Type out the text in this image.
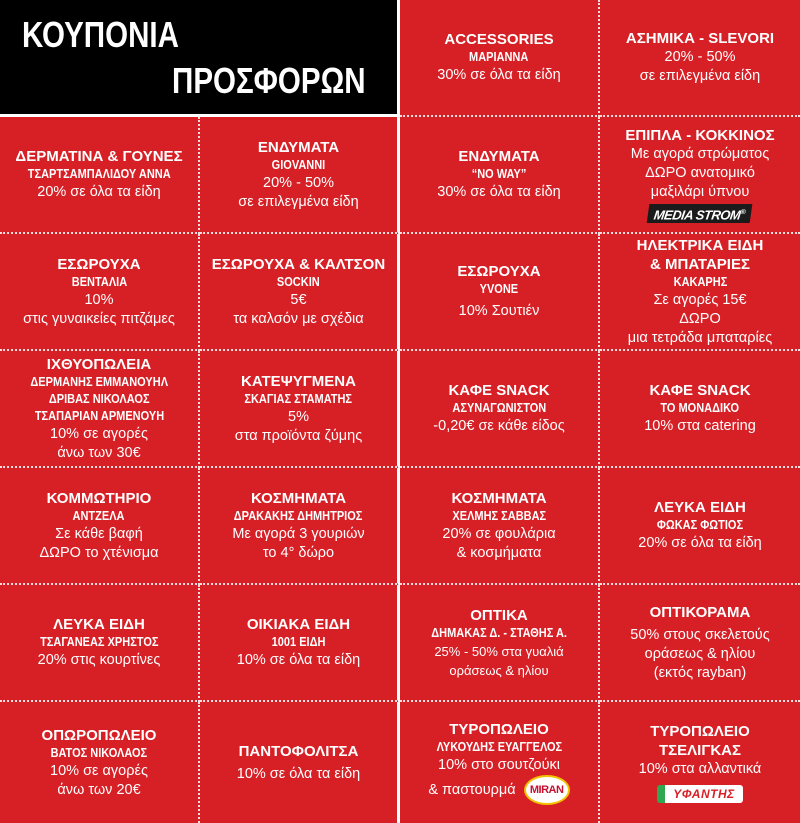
ΚΟΥΠΟΝΙΑ
ΠΡΟΣΦΟΡΩΝ
ACCESSORIES
ΜΑΡΙΑΝΝΑ
30% σε όλα τα είδη
ΑΣΗΜΙΚΑ - SLEVORI
20% - 50%
σε επιλεγμένα είδη
ΔΕΡΜΑΤΙΝΑ & ΓΟΥΝΕΣ
ΤΣΑΡΤΣΑΜΠΑΛΙΔΟΥ ΑΝΝΑ
20% σε όλα τα είδη
ΕΝΔΥΜΑΤΑ
GIOVANNI
20% - 50%
σε επιλεγμένα είδη
ΕΝΔΥΜΑΤΑ
“NO WAY”
30% σε όλα τα είδη
ΕΠΙΠΛΑ - ΚΟΚΚΙΝΟΣ
Με αγορά στρώματος
ΔΩΡΟ ανατομικό
μαξιλάρι ύπνου
MEDIA STROM®
ΕΣΩΡΟΥΧΑ
ΒΕΝΤΑΛΙΑ
10%
στις γυναικείες πιτζάμες
ΕΣΩΡΟΥΧΑ & ΚΑΛΤΣΟΝ
SOCKIN
5€
τα καλσόν με σχέδια
ΕΣΩΡΟΥΧΑ
YVONE
10% Σουτιέν
ΗΛΕΚΤΡΙΚΑ ΕΙΔΗ
& ΜΠΑΤΑΡΙΕΣ
ΚΑΚΑΡΗΣ
Σε αγορές 15€
ΔΩΡΟ
μια τετράδα μπαταρίες
ΙΧΘΥΟΠΩΛΕΙΑ
ΔΕΡΜΑΝΗΣ ΕΜΜΑΝΟΥΗΛ
ΔΡΙΒΑΣ ΝΙΚΟΛΑΟΣ
ΤΣΑΠΑΡΙΑΝ ΑΡΜΕΝΟΥΗ
10% σε αγορές
άνω των 30€
ΚΑΤΕΨΥΓΜΕΝΑ
ΣΚΑΓΙΑΣ ΣΤΑΜΑΤΗΣ
5%
στα προϊόντα ζύμης
ΚΑΦΕ SNACK
ΑΣΥΝΑΓΩΝΙΣΤΟΝ
-0,20€ σε κάθε είδος
ΚΑΦΕ SNACK
ΤΟ ΜΟΝΑΔΙΚΟ
10% στα catering
ΚΟΜΜΩΤΗΡΙΟ
ΑΝΤΖΕΛΑ
Σε κάθε βαφή
ΔΩΡΟ το χτένισμα
ΚΟΣΜΗΜΑΤΑ
ΔΡΑΚΑΚΗΣ ΔΗΜΗΤΡΙΟΣ
Με αγορά 3 γουριών
το 4° δώρο
ΚΟΣΜΗΜΑΤΑ
ΧΕΛΜΗΣ ΣΑΒΒΑΣ
20% σε φουλάρια
& κοσμήματα
ΛΕΥΚΑ ΕΙΔΗ
ΦΩΚΑΣ ΦΩΤΙΟΣ
20% σε όλα τα είδη
ΛΕΥΚΑ ΕΙΔΗ
ΤΣΑΓΑΝΕΑΣ ΧΡΗΣΤΟΣ
20% στις κουρτίνες
ΟΙΚΙΑΚΑ ΕΙΔΗ
1001 ΕΙΔΗ
10% σε όλα τα είδη
ΟΠΤΙΚΑ
ΔΗΜΑΚΑΣ Δ. - ΣΤΑΘΗΣ Α.
25% - 50% στα γυαλιά
οράσεως & ηλίου
ΟΠΤΙΚΟΡΑΜΑ
50% στους σκελετούς
οράσεως & ηλίου
(εκτός rayban)
ΟΠΩΡΟΠΩΛΕΙΟ
ΒΑΤΟΣ ΝΙΚΟΛΑΟΣ
10% σε αγορές
άνω των 20€
ΠΑΝΤΟΦΟΛΙΤΣΑ
10% σε όλα τα είδη
ΤΥΡΟΠΩΛΕΙΟ
ΛΥΚΟΥΔΗΣ ΕΥΑΓΓΕΛΟΣ
10% στο σουτζούκι
& παστουρμά MIRAN
ΤΥΡΟΠΩΛΕΙΟ
ΤΣΕΛΙΓΚΑΣ
10% στα αλλαντικά
ΥΦΑΝΤΗΣ
